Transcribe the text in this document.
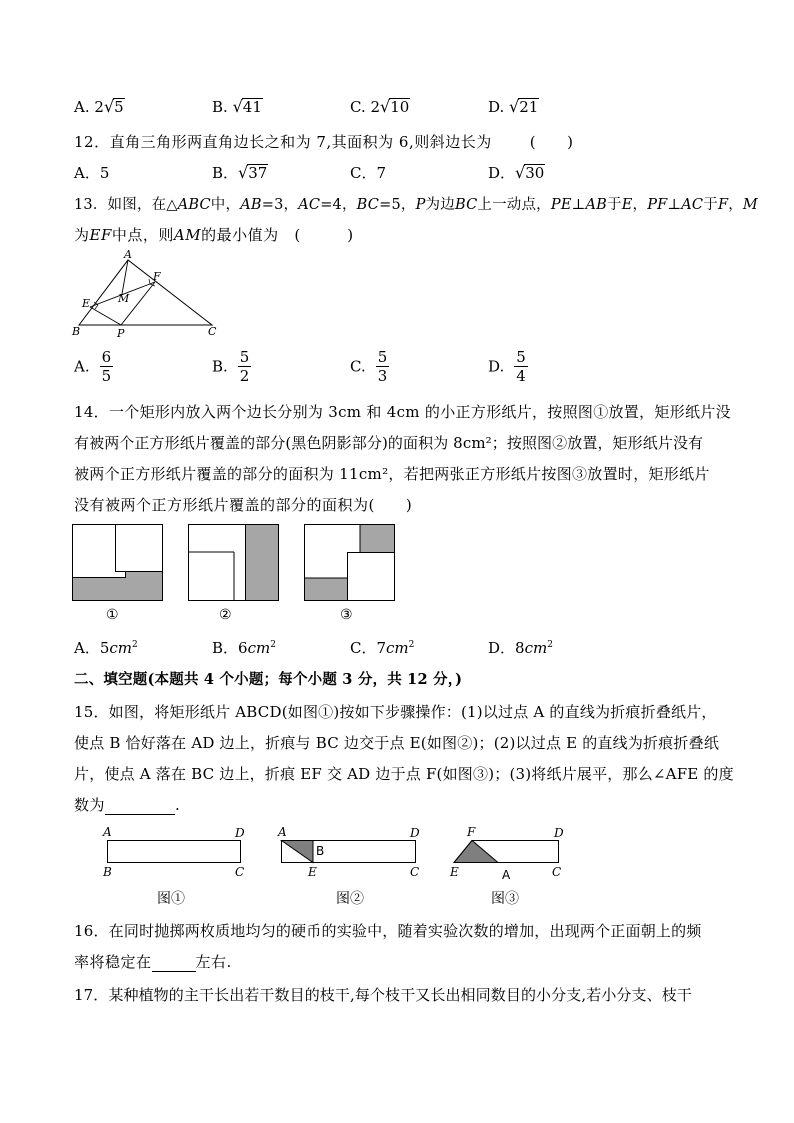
A. 2√5	B. √41	C. 2√10	D. √21
12．直角三角形两直角边长之和为 7,其面积为 6,则斜边长为	(　　)
A．5	B．√37	C．7	D．√30
13．如图，在△ABC中，AB=3，AC=4，BC=5，P为边BC上一动点，PE⊥AB于E，PF⊥AC于F，M
为EF中点，则AM的最小值为 (　　　)
A
B	C
P
E
F
M
A. $\frac{6}{5}$	B. $\frac{5}{2}$	C. $\frac{5}{3}$	D. $\frac{5}{4}$
14．一个矩形内放入两个边长分别为 3cm 和 4cm 的小正方形纸片，按照图①放置，矩形纸片没
有被两个正方形纸片覆盖的部分(黑色阴影部分)的面积为 8cm²；按照图②放置，矩形纸片没有
被两个正方形纸片覆盖的部分的面积为 11cm²，若把两张正方形纸片按图③放置时，矩形纸片
没有被两个正方形纸片覆盖的部分的面积为(　　)
①	②	③
A．$5cm^2$	B．$6cm^2$	C．$7cm^2$	D．$8cm^2$
二、填空题(本题共 4 个小题；每个小题 3 分，共 12 分，)
15．如图，将矩形纸片 ABCD(如图①)按如下步骤操作：(1)以过点 A 的直线为折痕折叠纸片，
使点 B 恰好落在 AD 边上，折痕与 BC 边交于点 E(如图②)；(2)以过点 E 的直线为折痕折叠纸
片，使点 A 落在 BC 边上，折痕 EF 交 AD 边于点 F(如图③)；(3)将纸片展平，那么∠AFE 的度
数为	.
A	D
B	C
A
B
D
E	C
F	D
E	A	C
图①	图②	图③
16．在同时抛掷两枚质地均匀的硬币的实验中，随着实验次数的增加，出现两个正面朝上的频
率将稳定在	左右.
17．某种植物的主干长出若干数目的枝干,每个枝干又长出相同数目的小分支,若小分支、枝干
